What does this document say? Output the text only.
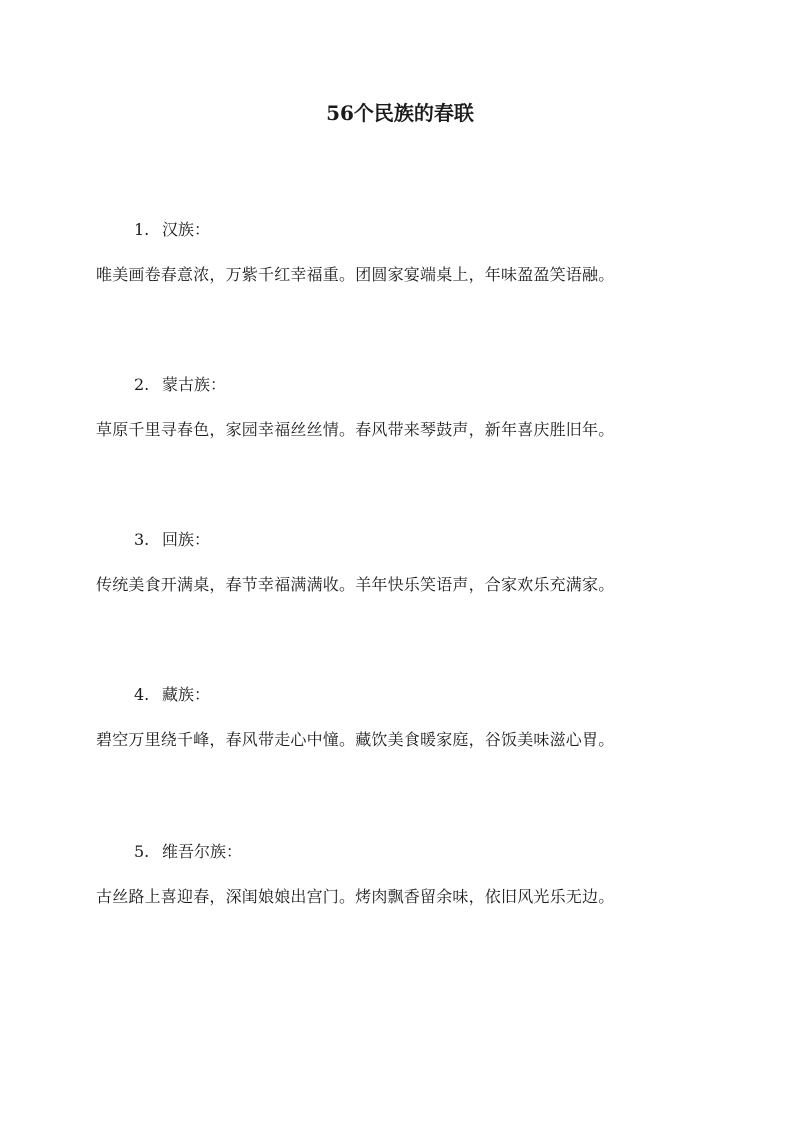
56个民族的春联
1. 汉族：
唯美画卷春意浓，万紫千红幸福重。团圆家宴端桌上，年味盈盈笑语融。
2. 蒙古族：
草原千里寻春色，家园幸福丝丝情。春风带来琴鼓声，新年喜庆胜旧年。
3. 回族：
传统美食开满桌，春节幸福满满收。羊年快乐笑语声，合家欢乐充满家。
4. 藏族：
碧空万里绕千峰，春风带走心中憧。藏饮美食暖家庭，谷饭美味滋心胃。
5. 维吾尔族：
古丝路上喜迎春，深闺娘娘出宫门。烤肉飘香留余味，依旧风光乐无边。
